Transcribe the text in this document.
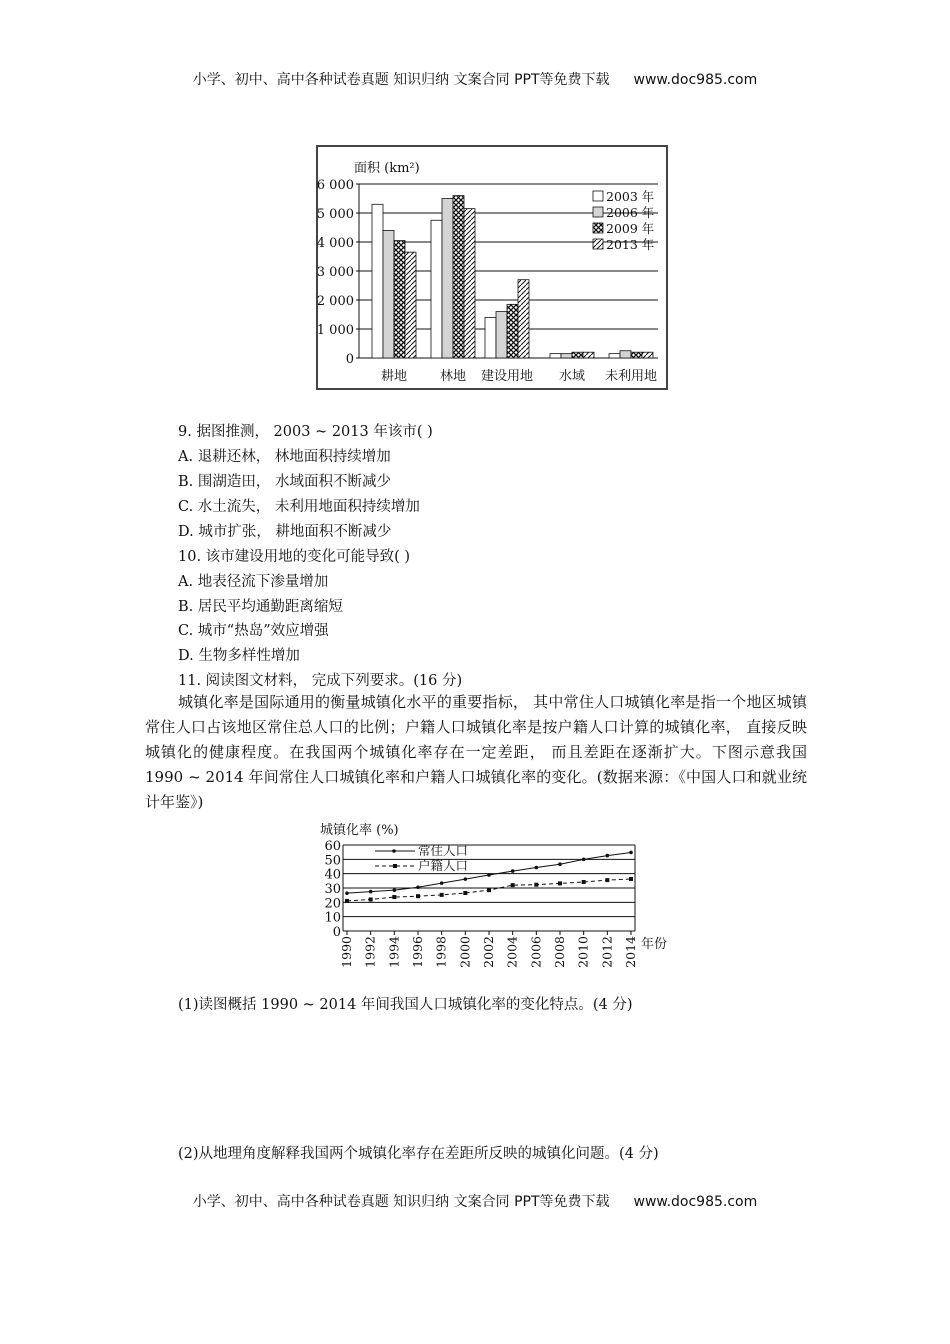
小学、初中、高中各种试卷真题 知识归纳 文案合同 PPT等免费下载 www.doc985.com
0
1 000
2 000
3 000
4 000
5 000
6 000
面积 (km²)
耕地	林地 建设用地 水域 未利用地
2003 年
2006 年
2009 年
2013 年
9. 据图推测， 2003 ~ 2013 年该市( )
A. 退耕还林， 林地面积持续增加
B. 围湖造田， 水域面积不断减少
C. 水土流失， 未利用地面积持续增加
D. 城市扩张， 耕地面积不断减少
10. 该市建设用地的变化可能导致( )
A. 地表径流下渗量增加
B. 居民平均通勤距离缩短
C. 城市“热岛”效应增强
D. 生物多样性增加
11. 阅读图文材料， 完成下列要求。(16 分)
城镇化率是国际通用的衡量城镇化水平的重要指标， 其中常住人口城镇化率是指一个地区城镇常住人口占该地区常住总人口的比例；户籍人口城镇化率是按户籍人口计算的城镇化率， 直接反映城镇化的健康程度。在我国两个城镇化率存在一定差距， 而且差距在逐渐扩大。下图示意我国 1990 ~ 2014 年间常住人口城镇化率和户籍人口城镇化率的变化。(数据来源：《中国人口和就业统计年鉴》)
0
10
20
30
40
50
60
城镇化率 (%)
1990 1992 1994 1996 1998 2000 2002 2004 2006 2008 2010 2012 2014 年份
常住人口
户籍人口
(1)读图概括 1990 ~ 2014 年间我国人口城镇化率的变化特点。(4 分)
(2)从地理角度解释我国两个城镇化率存在差距所反映的城镇化问题。(4 分)
小学、初中、高中各种试卷真题 知识归纳 文案合同 PPT等免费下载 www.doc985.com
